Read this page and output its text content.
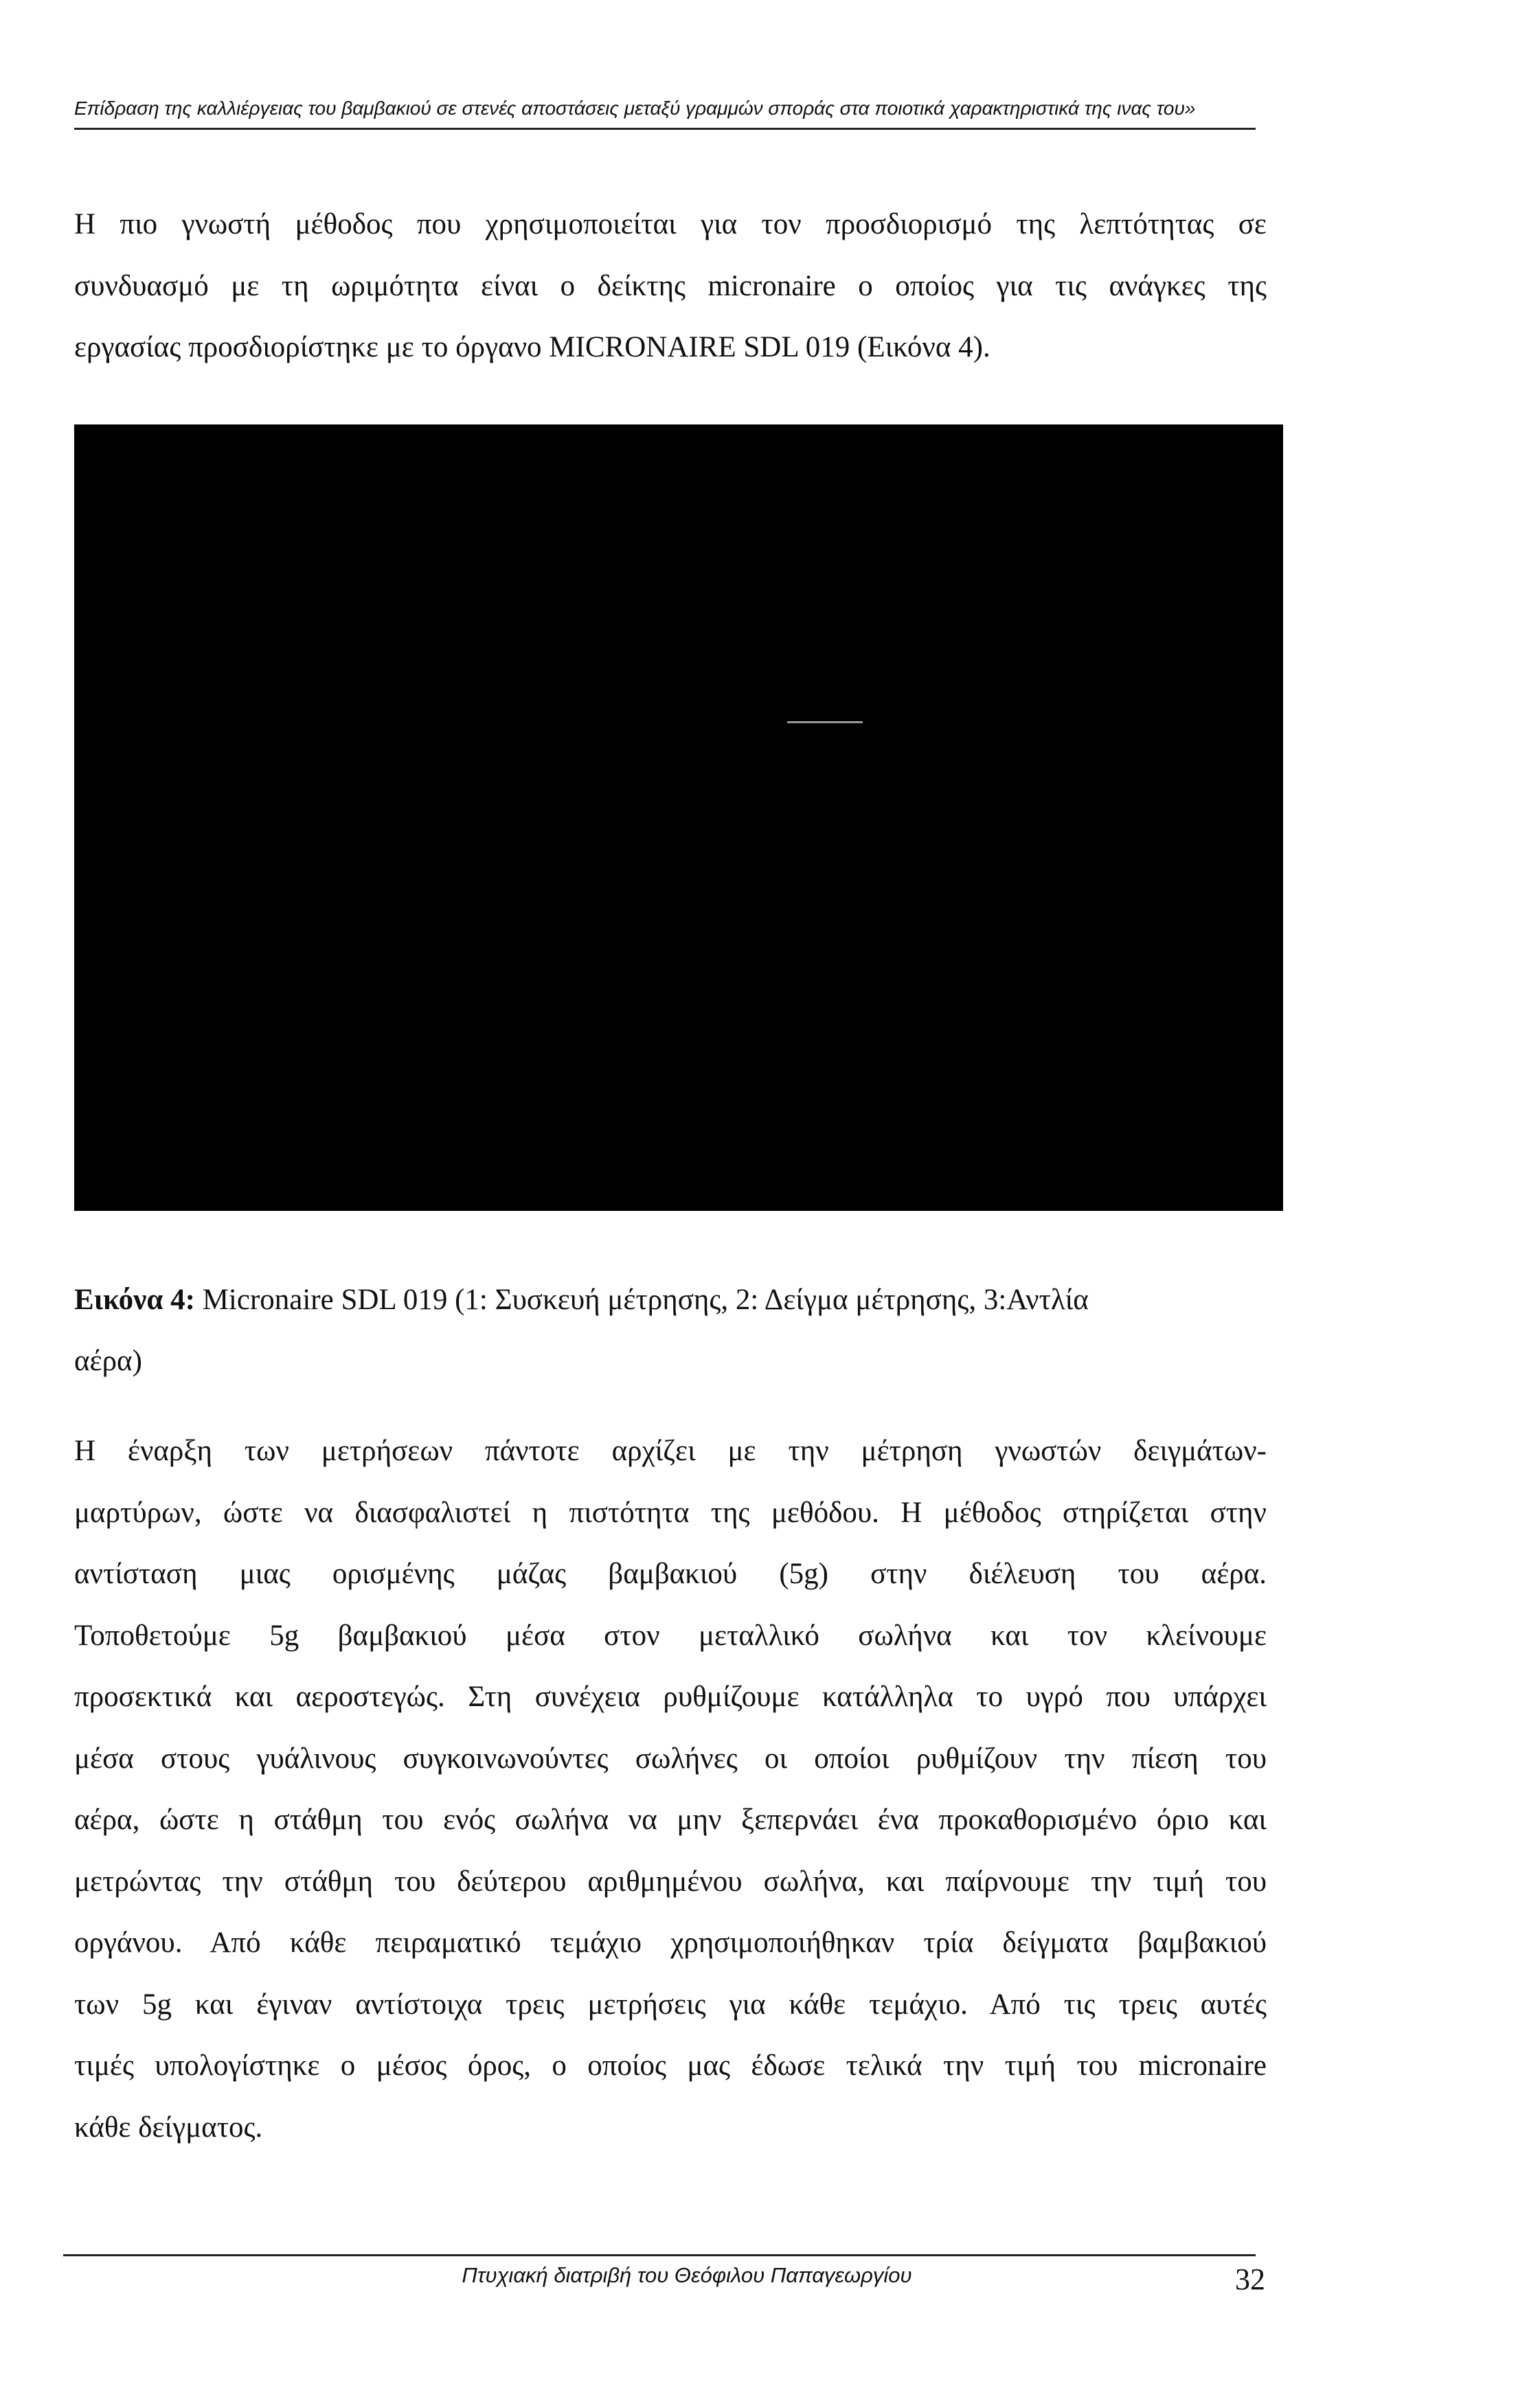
Επίδραση της καλλιέργειας του βαμβακιού σε στενές αποστάσεις μεταξύ γραμμών σποράς στα ποιοτικά χαρακτηριστικά της ινας του»

Η πιο γνωστή μέθοδος που χρησιμοποιείται για τον προσδιορισμό της λεπτότητας σε
συνδυασμό με τη ωριμότητα είναι ο δείκτης micronaire ο οποίος για τις ανάγκες της
εργασίας προσδιορίστηκε με το όργανο MICRONAIRE SDL 019 (Εικόνα 4).

Εικόνα 4: Micronaire SDL 019 (1: Συσκευή μέτρησης, 2: Δείγμα μέτρησης, 3:Αντλία
αέρα)

Η έναρξη των μετρήσεων πάντοτε αρχίζει με την μέτρηση γνωστών δειγμάτων-
μαρτύρων, ώστε να διασφαλιστεί η πιστότητα της μεθόδου. Η μέθοδος στηρίζεται στην
αντίσταση μιας ορισμένης μάζας βαμβακιού (5g) στην διέλευση του αέρα.
Τοποθετούμε 5g βαμβακιού μέσα στον μεταλλικό σωλήνα και τον κλείνουμε
προσεκτικά και αεροστεγώς. Στη συνέχεια ρυθμίζουμε κατάλληλα το υγρό που υπάρχει
μέσα στους γυάλινους συγκοινωνούντες σωλήνες οι οποίοι ρυθμίζουν την πίεση του
αέρα, ώστε η στάθμη του ενός σωλήνα να μην ξεπερνάει ένα προκαθορισμένο όριο και
μετρώντας την στάθμη του δεύτερου αριθμημένου σωλήνα, και παίρνουμε την τιμή του
οργάνου. Από κάθε πειραματικό τεμάχιο χρησιμοποιήθηκαν τρία δείγματα βαμβακιού
των 5g και έγιναν αντίστοιχα τρεις μετρήσεις για κάθε τεμάχιο. Από τις τρεις αυτές
τιμές υπολογίστηκε ο μέσος όρος, ο οποίος μας έδωσε τελικά την τιμή του micronaire
κάθε δείγματος.

Πτυχιακή διατριβή του Θεόφιλου Παπαγεωργίου	32
